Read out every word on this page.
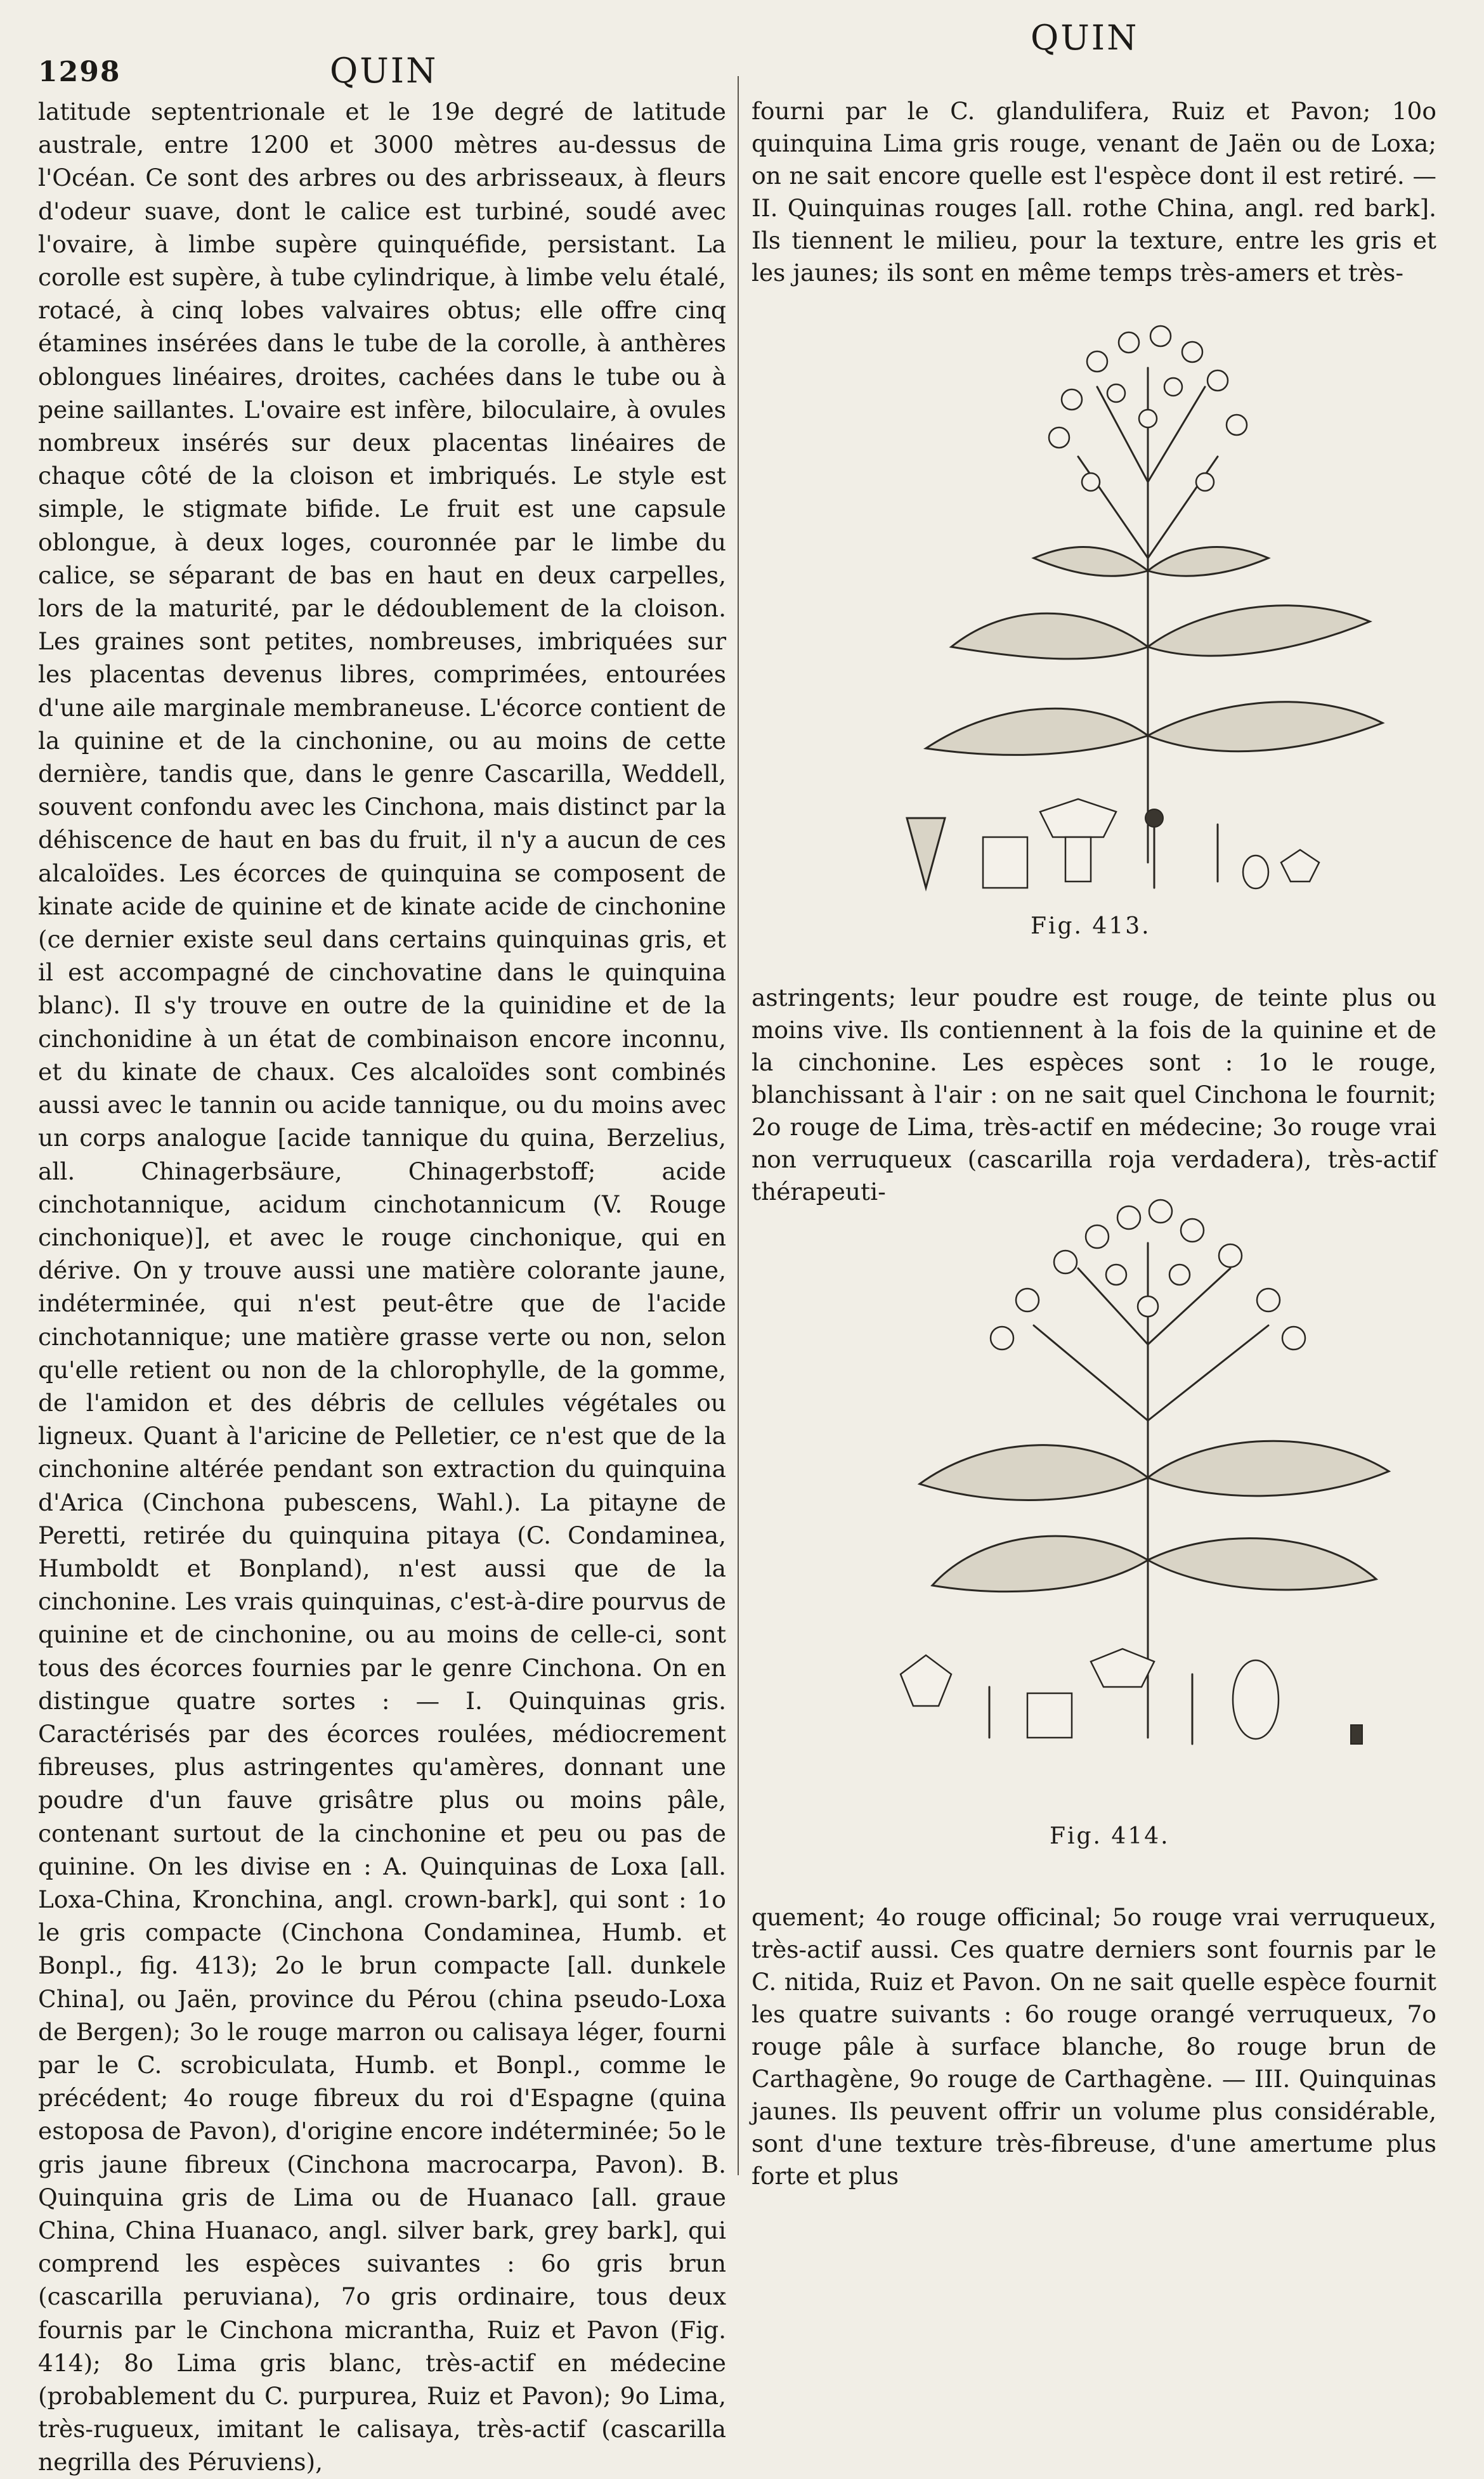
1298	QUIN
QUIN

latitude septentrionale et le 19e degré de latitude australe, entre 1200 et 3000 mètres au-dessus de l'Océan. Ce sont des arbres ou des arbrisseaux, à fleurs d'odeur suave, dont le calice est turbiné, soudé avec l'ovaire, à limbe supère quinquéfide, persistant. La corolle est supère, à tube cylindrique, à limbe velu étalé, rotacé, à cinq lobes valvaires obtus; elle offre cinq étamines insérées dans le tube de la corolle, à anthères oblongues linéaires, droites, cachées dans le tube ou à peine saillantes. L'ovaire est infère, biloculaire, à ovules nombreux insérés sur deux placentas linéaires de chaque côté de la cloison et imbriqués. Le style est simple, le stigmate bifide. Le fruit est une capsule oblongue, à deux loges, couronnée par le limbe du calice, se séparant de bas en haut en deux carpelles, lors de la maturité, par le dédoublement de la cloison. Les graines sont petites, nombreuses, imbriquées sur les placentas devenus libres, comprimées, entourées d'une aile marginale membraneuse. L'écorce contient de la quinine et de la cinchonine, ou au moins de cette dernière, tandis que, dans le genre Cascarilla, Weddell, souvent confondu avec les Cinchona, mais distinct par la déhiscence de haut en bas du fruit, il n'y a aucun de ces alcaloïdes. Les écorces de quinquina se composent de kinate acide de quinine et de kinate acide de cinchonine (ce dernier existe seul dans certains quinquinas gris, et il est accompagné de cinchovatine dans le quinquina blanc). Il s'y trouve en outre de la quinidine et de la cinchonidine à un état de combinaison encore inconnu, et du kinate de chaux. Ces alcaloïdes sont combinés aussi avec le tannin ou acide tannique, ou du moins avec un corps analogue [acide tannique du quina, Berzelius, all. Chinagerbsäure, Chinagerbstoff; acide cinchotannique, acidum cinchotannicum (V. Rouge cinchonique)], et avec le rouge cinchonique, qui en dérive. On y trouve aussi une matière colorante jaune, indéterminée, qui n'est peut-être que de l'acide cinchotannique; une matière grasse verte ou non, selon qu'elle retient ou non de la chlorophylle, de la gomme, de l'amidon et des débris de cellules végétales ou ligneux. Quant à l'aricine de Pelletier, ce n'est que de la cinchonine altérée pendant son extraction du quinquina d'Arica (Cinchona pubescens, Wahl.). La pitayne de Peretti, retirée du quinquina pitaya (C. Condaminea, Humboldt et Bonpland), n'est aussi que de la cinchonine. Les vrais quinquinas, c'est-à-dire pourvus de quinine et de cinchonine, ou au moins de celle-ci, sont tous des écorces fournies par le genre Cinchona. On en distingue quatre sortes : — I. Quinquinas gris. Caractérisés par des écorces roulées, médiocrement fibreuses, plus astringentes qu'amères, donnant une poudre d'un fauve grisâtre plus ou moins pâle, contenant surtout de la cinchonine et peu ou pas de quinine. On les divise en : A. Quinquinas de Loxa [all. Loxa-China, Kronchina, angl. crown-bark], qui sont : 1o le gris compacte (Cinchona Condaminea, Humb. et Bonpl., fig. 413); 2o le brun compacte [all. dunkele China], ou Jaën, province du Pérou (china pseudo-Loxa de Bergen); 3o le rouge marron ou calisaya léger, fourni par le C. scrobiculata, Humb. et Bonpl., comme le précédent; 4o rouge fibreux du roi d'Espagne (quina estoposa de Pavon), d'origine encore indéterminée; 5o le gris jaune fibreux (Cinchona macrocarpa, Pavon). B. Quinquina gris de Lima ou de Huanaco [all. graue China, China Huanaco, angl. silver bark, grey bark], qui comprend les espèces suivantes : 6o gris brun (cascarilla peruviana), 7o gris ordinaire, tous deux fournis par le Cinchona micrantha, Ruiz et Pavon (Fig. 414); 8o Lima gris blanc, très-actif en médecine (probablement du C. purpurea, Ruiz et Pavon); 9o Lima, très-rugueux, imitant le calisaya, très-actif (cascarilla negrilla des Péruviens),

fourni par le C. glandulifera, Ruiz et Pavon; 10o quinquina Lima gris rouge, venant de Jaën ou de Loxa; on ne sait encore quelle est l'espèce dont il est retiré. — II. Quinquinas rouges [all. rothe China, angl. red bark]. Ils tiennent le milieu, pour la texture, entre les gris et les jaunes; ils sont en même temps très-amers et très-

Fig. 413.

astringents; leur poudre est rouge, de teinte plus ou moins vive. Ils contiennent à la fois de la quinine et de la cinchonine. Les espèces sont : 1o le rouge, blanchissant à l'air : on ne sait quel Cinchona le fournit; 2o rouge de Lima, très-actif en médecine; 3o rouge vrai non verruqueux (cascarilla roja verdadera), très-actif thérapeuti-

Fig. 414.

quement; 4o rouge officinal; 5o rouge vrai verruqueux, très-actif aussi. Ces quatre derniers sont fournis par le C. nitida, Ruiz et Pavon. On ne sait quelle espèce fournit les quatre suivants : 6o rouge orangé verruqueux, 7o rouge pâle à surface blanche, 8o rouge brun de Carthagène, 9o rouge de Carthagène. — III. Quinquinas jaunes. Ils peuvent offrir un volume plus considérable, sont d'une texture très-fibreuse, d'une amertume plus forte et plus
